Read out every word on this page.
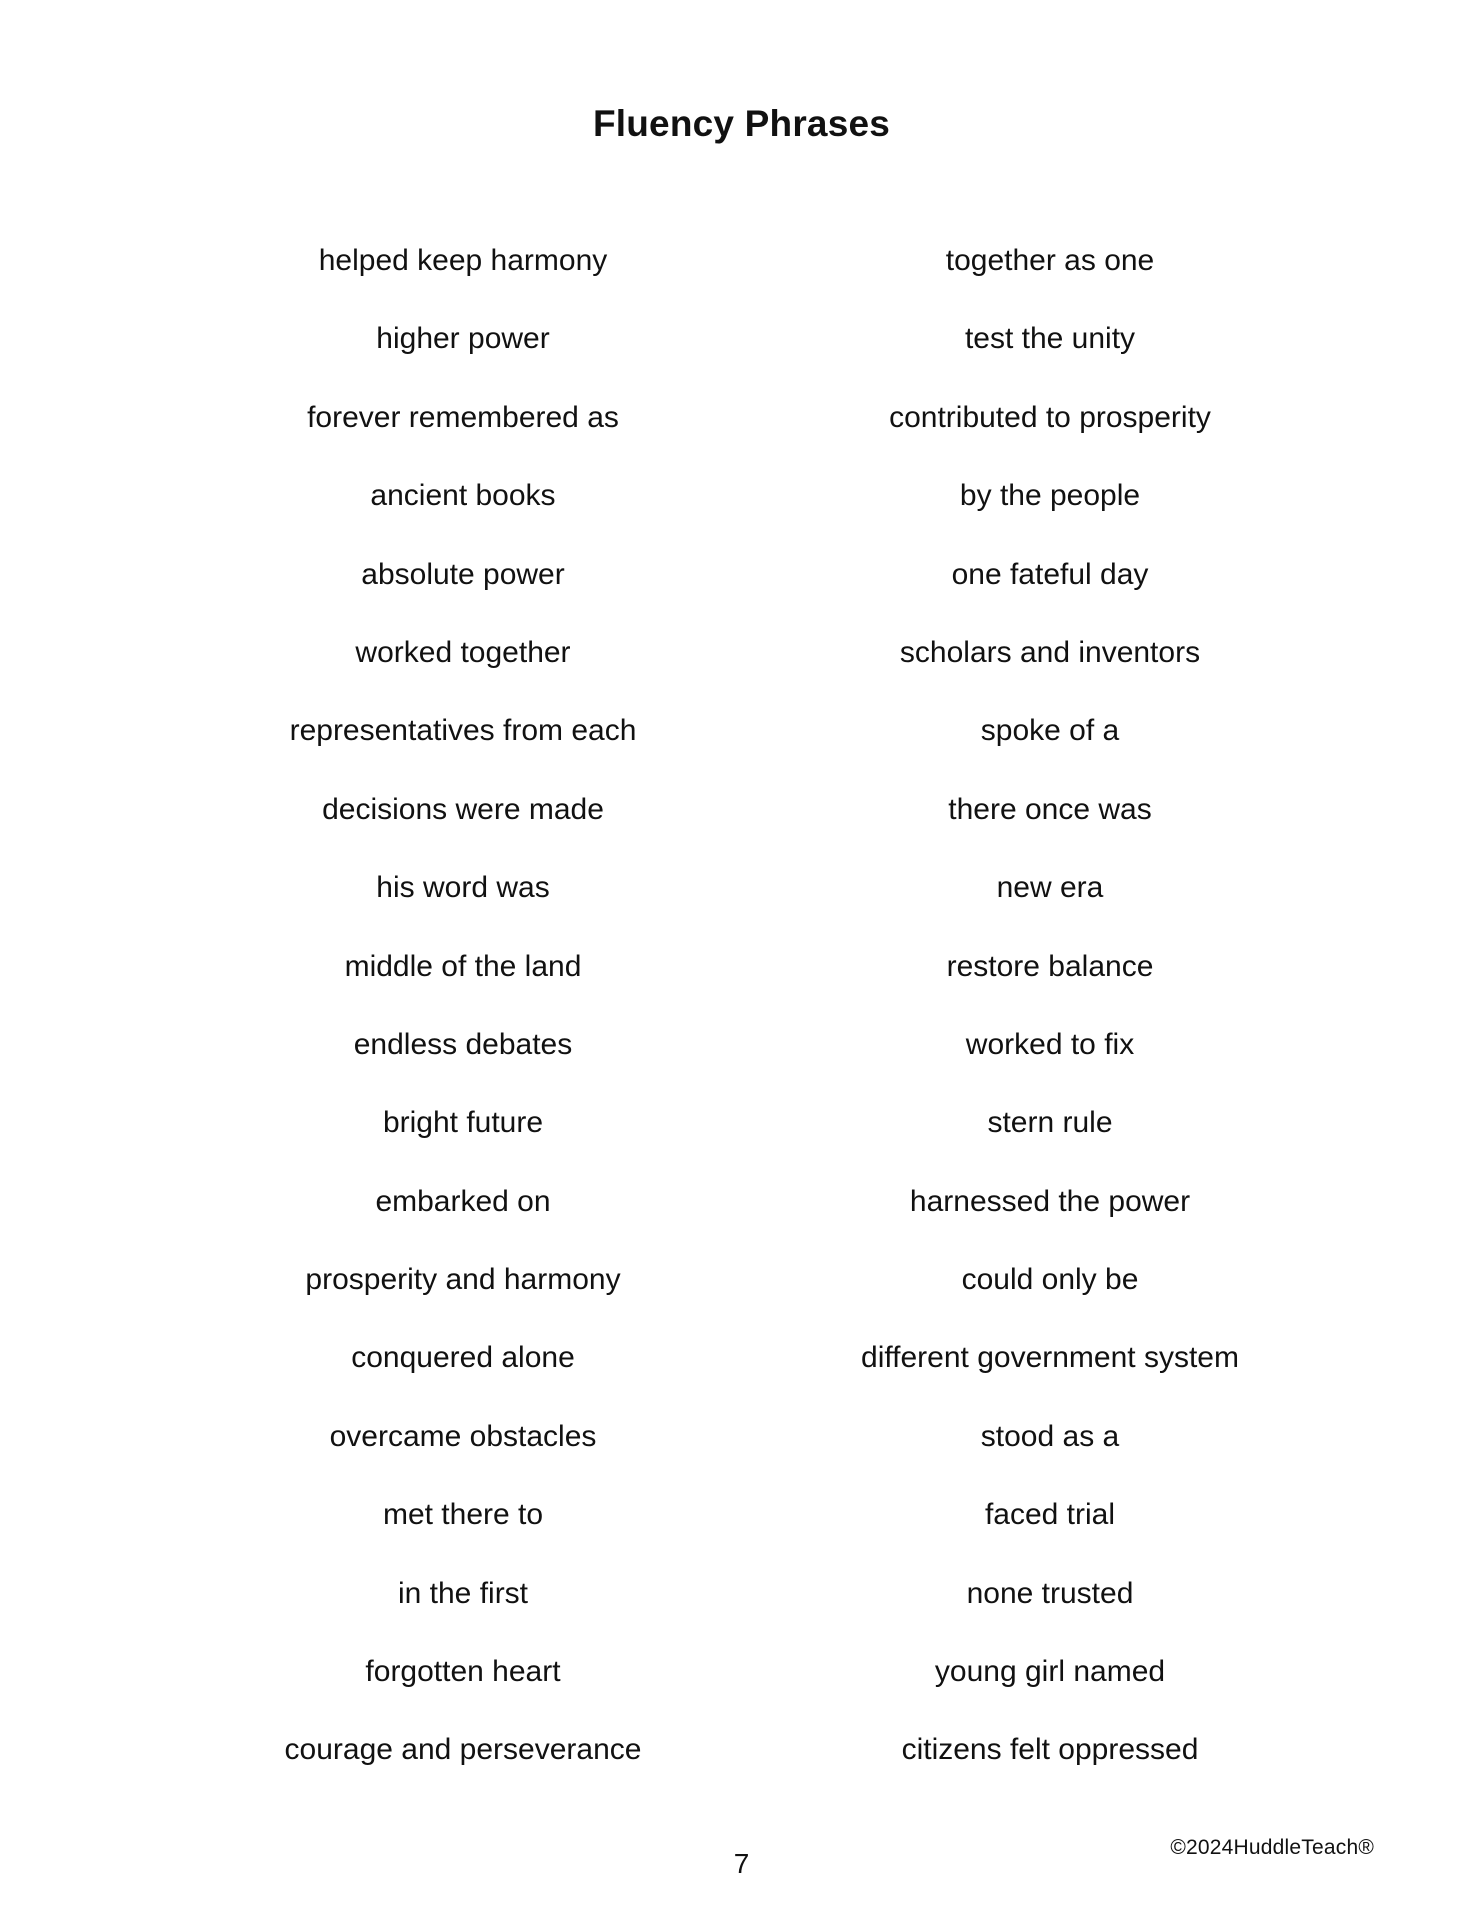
Fluency Phrases
helped keep harmony
higher power
forever remembered as
ancient books
absolute power
worked together
representatives from each
decisions were made
his word was
middle of the land
endless debates
bright future
embarked on
prosperity and harmony
conquered alone
overcame obstacles
met there to
in the first
forgotten heart
courage and perseverance
together as one
test the unity
contributed to prosperity
by the people
one fateful day
scholars and inventors
spoke of a
there once was
new era
restore balance
worked to fix
stern rule
harnessed the power
could only be
different government system
stood as a
faced trial
none trusted
young girl named
citizens felt oppressed
7
©2024HuddleTeach®
